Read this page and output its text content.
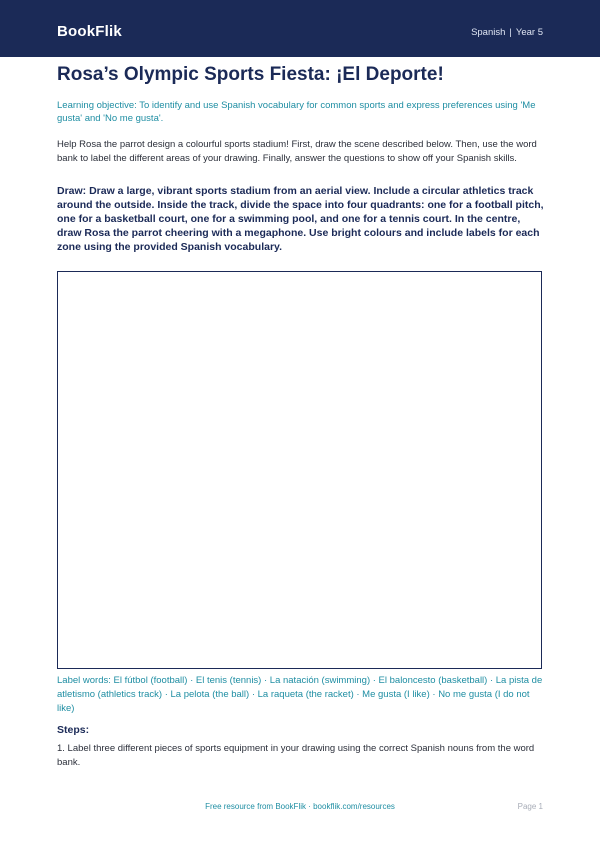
BookFlik	Spanish | Year 5
Rosa’s Olympic Sports Fiesta: ¡El Deporte!
Learning objective: To identify and use Spanish vocabulary for common sports and express preferences using 'Me gusta' and 'No me gusta'.
Help Rosa the parrot design a colourful sports stadium! First, draw the scene described below. Then, use the word bank to label the different areas of your drawing. Finally, answer the questions to show off your Spanish skills.
Draw: Draw a large, vibrant sports stadium from an aerial view. Include a circular athletics track around the outside. Inside the track, divide the space into four quadrants: one for a football pitch, one for a basketball court, one for a swimming pool, and one for a tennis court. In the centre, draw Rosa the parrot cheering with a megaphone. Use bright colours and include labels for each zone using the provided Spanish vocabulary.
Label words: El fútbol (football) · El tenis (tennis) · La natación (swimming) · El baloncesto (basketball) · La pista de atletismo (athletics track) · La pelota (the ball) · La raqueta (the racket) · Me gusta (I like) · No me gusta (I do not like)
Steps:
1. Label three different pieces of sports equipment in your drawing using the correct Spanish nouns from the word bank.
Free resource from BookFlik · bookflik.com/resources	Page 1
